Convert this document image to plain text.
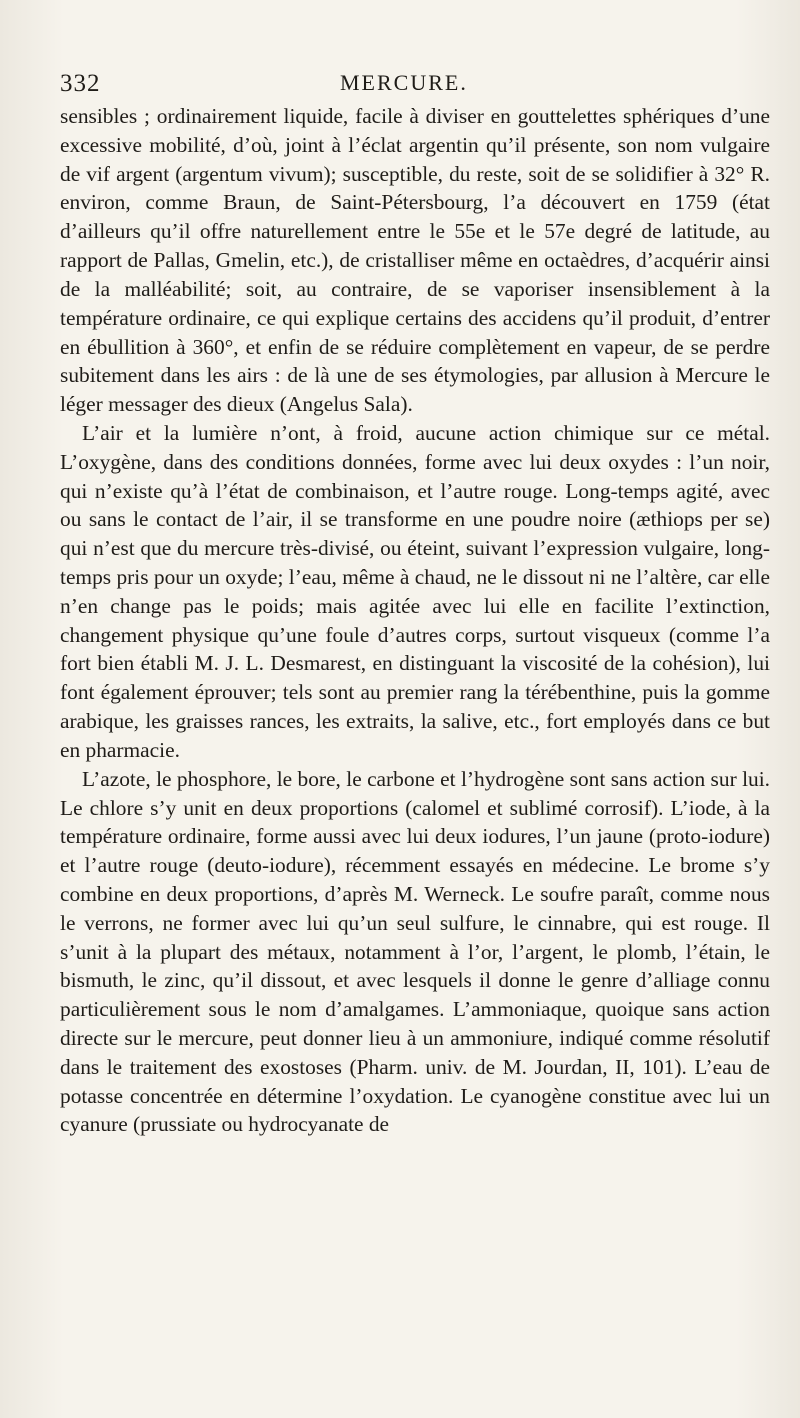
332	MERCURE.

sensibles ; ordinairement liquide, facile à diviser en gouttelettes sphériques d’une excessive mobilité, d’où, joint à l’éclat argentin qu’il présente, son nom vulgaire de vif argent (argentum vivum); susceptible, du reste, soit de se solidifier à 32° R. environ, comme Braun, de Saint-Pétersbourg, l’a découvert en 1759 (état d’ailleurs qu’il offre naturellement entre le 55e et le 57e degré de latitude, au rapport de Pallas, Gmelin, etc.), de cristalliser même en octaèdres, d’acquérir ainsi de la malléabilité; soit, au contraire, de se vaporiser insensiblement à la température ordinaire, ce qui explique certains des accidens qu’il produit, d’entrer en ébullition à 360°, et enfin de se réduire complètement en vapeur, de se perdre subitement dans les airs : de là une de ses étymologies, par allusion à Mercure le léger messager des dieux (Angelus Sala).

L’air et la lumière n’ont, à froid, aucune action chimique sur ce métal. L’oxygène, dans des conditions données, forme avec lui deux oxydes : l’un noir, qui n’existe qu’à l’état de combinaison, et l’autre rouge. Long-temps agité, avec ou sans le contact de l’air, il se transforme en une poudre noire (æthiops per se) qui n’est que du mercure très-divisé, ou éteint, suivant l’expression vulgaire, long-temps pris pour un oxyde; l’eau, même à chaud, ne le dissout ni ne l’altère, car elle n’en change pas le poids; mais agitée avec lui elle en facilite l’extinction, changement physique qu’une foule d’autres corps, surtout visqueux (comme l’a fort bien établi M. J. L. Desmarest, en distinguant la viscosité de la cohésion), lui font également éprouver; tels sont au premier rang la térébenthine, puis la gomme arabique, les graisses rances, les extraits, la salive, etc., fort employés dans ce but en pharmacie.

L’azote, le phosphore, le bore, le carbone et l’hydrogène sont sans action sur lui. Le chlore s’y unit en deux proportions (calomel et sublimé corrosif). L’iode, à la température ordinaire, forme aussi avec lui deux iodures, l’un jaune (proto-iodure) et l’autre rouge (deuto-iodure), récemment essayés en médecine. Le brome s’y combine en deux proportions, d’après M. Werneck. Le soufre paraît, comme nous le verrons, ne former avec lui qu’un seul sulfure, le cinnabre, qui est rouge. Il s’unit à la plupart des métaux, notamment à l’or, l’argent, le plomb, l’étain, le bismuth, le zinc, qu’il dissout, et avec lesquels il donne le genre d’alliage connu particulièrement sous le nom d’amalgames. L’ammoniaque, quoique sans action directe sur le mercure, peut donner lieu à un ammoniure, indiqué comme résolutif dans le traitement des exostoses (Pharm. univ. de M. Jourdan, II, 101). L’eau de potasse concentrée en détermine l’oxydation. Le cyanogène constitue avec lui un cyanure (prussiate ou hydrocyanate de
